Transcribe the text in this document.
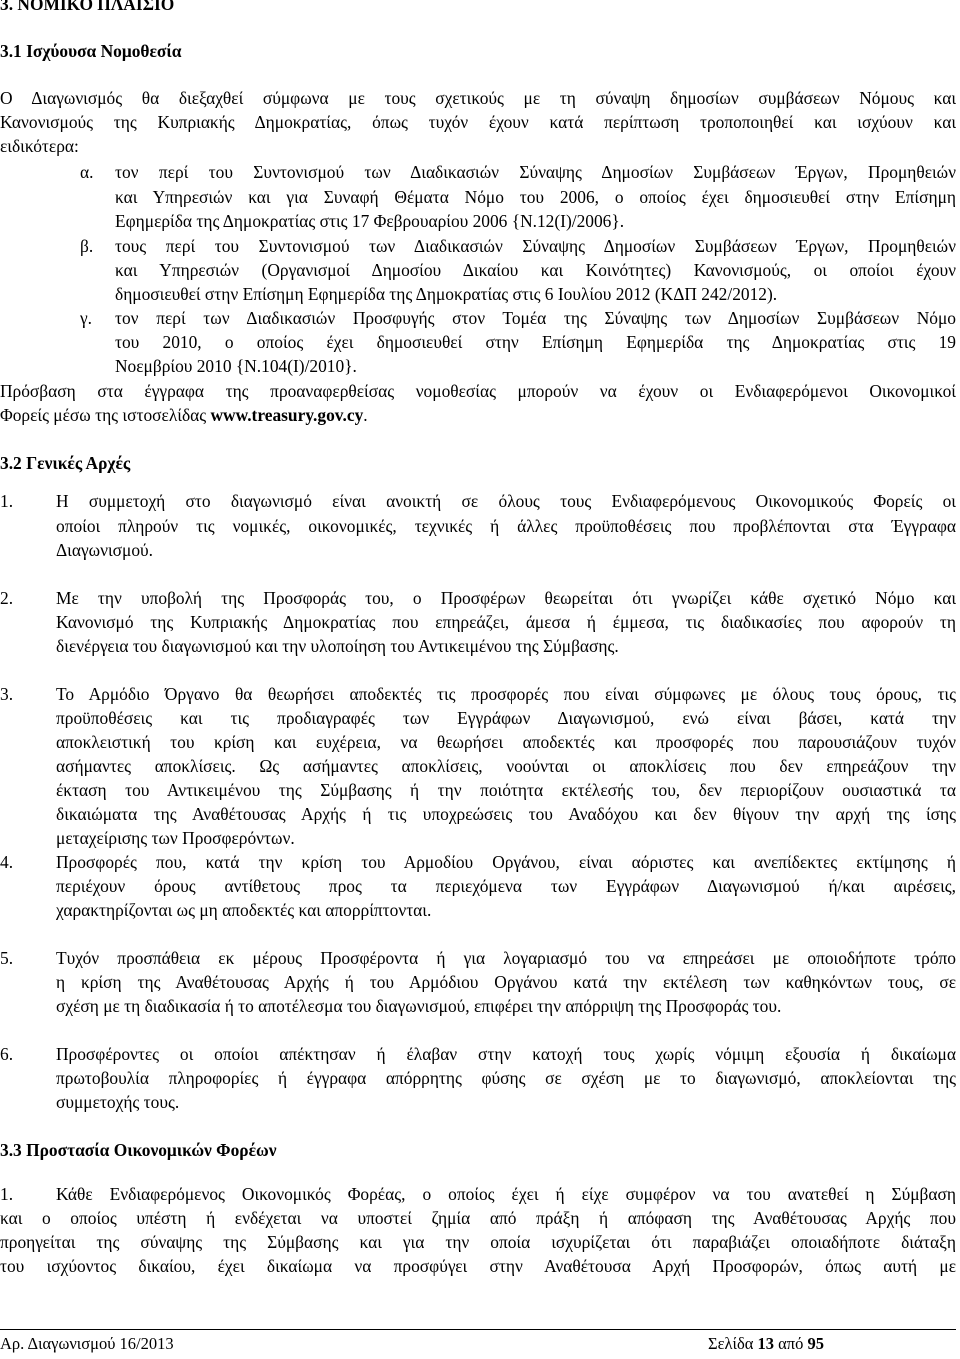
3. ΝΟΜΙΚΟ ΠΛΑΙΣΙΟ
3.1 Ισχύουσα Νομοθεσία
Ο Διαγωνισμός θα διεξαχθεί σύμφωνα με τους σχετικούς με τη σύναψη δημοσίων συμβάσεων Νόμους και
Κανονισμούς της Κυπριακής Δημοκρατίας, όπως τυχόν έχουν κατά περίπτωση τροποποιηθεί και ισχύουν και
ειδικότερα:
α. τον περί του Συντονισμού των Διαδικασιών Σύναψης Δημοσίων Συμβάσεων Έργων, Προμηθειών
και Υπηρεσιών και για Συναφή Θέματα Νόμο του 2006, ο οποίος έχει δημοσιευθεί στην Επίσημη
Εφημερίδα της Δημοκρατίας στις 17 Φεβρουαρίου 2006 {Ν.12(Ι)/2006}.
β. τους περί του Συντονισμού των Διαδικασιών Σύναψης Δημοσίων Συμβάσεων Έργων, Προμηθειών
και Υπηρεσιών (Οργανισμοί Δημοσίου Δικαίου και Κοινότητες) Κανονισμούς, οι οποίοι έχουν
δημοσιευθεί στην Επίσημη Εφημερίδα της Δημοκρατίας στις 6 Ιουλίου 2012 (ΚΔΠ 242/2012).
γ. τον περί των Διαδικασιών Προσφυγής στον Τομέα της Σύναψης των Δημοσίων Συμβάσεων Νόμο
του 2010, ο οποίος έχει δημοσιευθεί στην Επίσημη Εφημερίδα της Δημοκρατίας στις 19
Νοεμβρίου 2010 {Ν.104(Ι)/2010}.
Πρόσβαση στα έγγραφα της προαναφερθείσας νομοθεσίας μπορούν να έχουν οι Ενδιαφερόμενοι Οικονομικοί
Φορείς μέσω της ιστοσελίδας www.treasury.gov.cy.
3.2 Γενικές Αρχές
1. Η συμμετοχή στο διαγωνισμό είναι ανοικτή σε όλους τους Ενδιαφερόμενους Οικονομικούς Φορείς οι
οποίοι πληρούν τις νομικές, οικονομικές, τεχνικές ή άλλες προϋποθέσεις που προβλέπονται στα Έγγραφα
Διαγωνισμού.
2. Με την υποβολή της Προσφοράς του, ο Προσφέρων θεωρείται ότι γνωρίζει κάθε σχετικό Νόμο και
Κανονισμό της Κυπριακής Δημοκρατίας που επηρεάζει, άμεσα ή έμμεσα, τις διαδικασίες που αφορούν τη
διενέργεια του διαγωνισμού και την υλοποίηση του Αντικειμένου της Σύμβασης.
3. Το Αρμόδιο Όργανο θα θεωρήσει αποδεκτές τις προσφορές που είναι σύμφωνες με όλους τους όρους, τις
προϋποθέσεις και τις προδιαγραφές των Εγγράφων Διαγωνισμού, ενώ είναι βάσει, κατά την
αποκλειστική του κρίση και ευχέρεια, να θεωρήσει αποδεκτές και προσφορές που παρουσιάζουν τυχόν
ασήμαντες αποκλίσεις. Ως ασήμαντες αποκλίσεις, νοούνται οι αποκλίσεις που δεν επηρεάζουν την
έκταση του Αντικειμένου της Σύμβασης ή την ποιότητα εκτέλεσής του, δεν περιορίζουν ουσιαστικά τα
δικαιώματα της Αναθέτουσας Αρχής ή τις υποχρεώσεις του Αναδόχου και δεν θίγουν την αρχή της ίσης
μεταχείρισης των Προσφερόντων.
4. Προσφορές που, κατά την κρίση του Αρμοδίου Οργάνου, είναι αόριστες και ανεπίδεκτες εκτίμησης ή
περιέχουν όρους αντίθετους προς τα περιεχόμενα των Εγγράφων Διαγωνισμού ή/και αιρέσεις,
χαρακτηρίζονται ως μη αποδεκτές και απορρίπτονται.
5. Τυχόν προσπάθεια εκ μέρους Προσφέροντα ή για λογαριασμό του να επηρεάσει με οποιοδήποτε τρόπο
η κρίση της Αναθέτουσας Αρχής ή του Αρμόδιου Οργάνου κατά την εκτέλεση των καθηκόντων τους, σε
σχέση με τη διαδικασία ή το αποτέλεσμα του διαγωνισμού, επιφέρει την απόρριψη της Προσφοράς του.
6. Προσφέροντες οι οποίοι απέκτησαν ή έλαβαν στην κατοχή τους χωρίς νόμιμη εξουσία ή δικαίωμα
πρωτοβουλία πληροφορίες ή έγγραφα απόρρητης φύσης σε σχέση με το διαγωνισμό, αποκλείονται της
συμμετοχής τους.
3.3 Προστασία Οικονομικών Φορέων
1. Κάθε Ενδιαφερόμενος Οικονομικός Φορέας, ο οποίος έχει ή είχε συμφέρον να του ανατεθεί η Σύμβαση
και ο οποίος υπέστη ή ενδέχεται να υποστεί ζημία από πράξη ή απόφαση της Αναθέτουσας Αρχής που
προηγείται της σύναψης της Σύμβασης και για την οποία ισχυρίζεται ότι παραβιάζει οποιαδήποτε διάταξη
του ισχύοντος δικαίου, έχει δικαίωμα να προσφύγει στην Αναθέτουσα Αρχή Προσφορών, όπως αυτή με
Αρ. Διαγωνισμού 16/2013	Σελίδα 13 από 95
